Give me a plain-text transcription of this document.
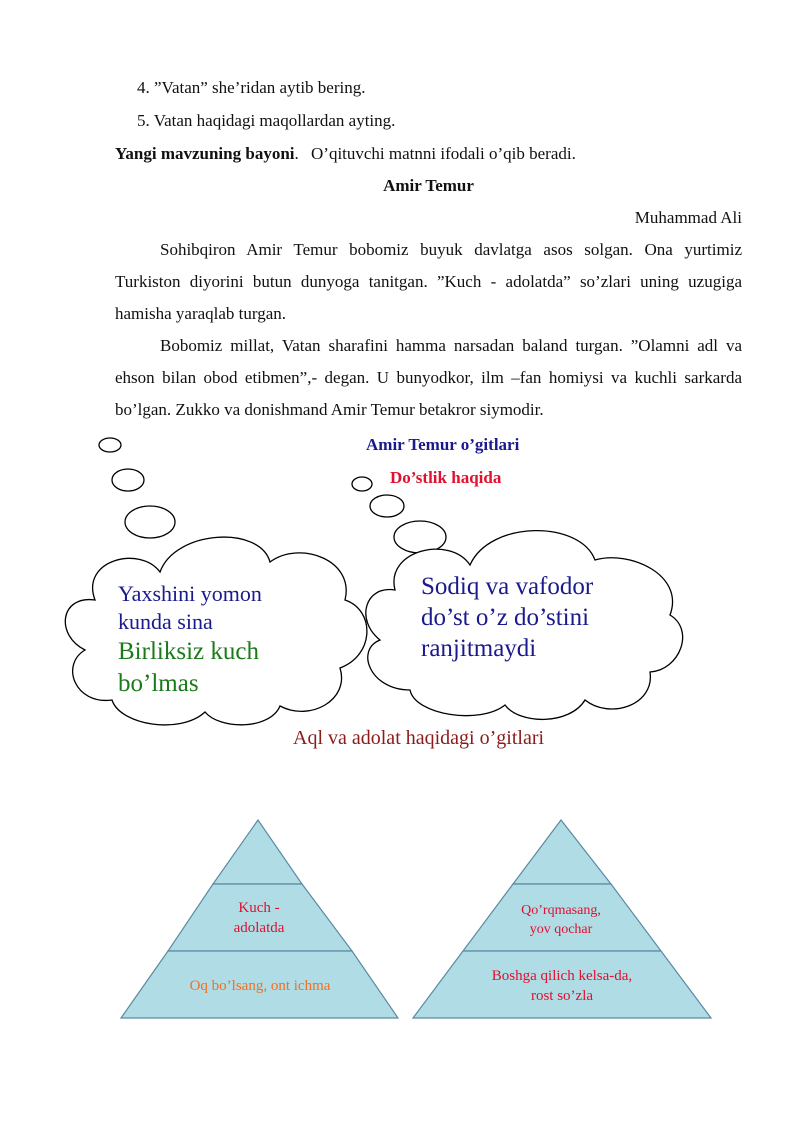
4. ”Vatan” she’ridan aytib bering.
5. Vatan haqidagi maqollardan ayting.
Yangi mavzuning bayoni. O’qituvchi matnni ifodali o’qib beradi.
Amir Temur
Muhammad Ali

Sohibqiron Amir Temur bobomiz buyuk davlatga asos solgan. Ona yurtimiz Turkiston diyorini butun dunyoga tanitgan. ”Kuch - adolatda” so’zlari uning uzugiga hamisha yaraqlab turgan.

Bobomiz millat, Vatan sharafini hamma narsadan baland turgan. ”Olamni adl va ehson bilan obod etibmen”,- degan. U bunyodkor, ilm –fan homiysi va kuchli sarkarda bo’lgan. Zukko va donishmand Amir Temur betakror siymodir.

Amir Temur o’gitlari
Do’stlik haqida
Yaxshini yomon
kunda sina
Birliksiz kuch
bo’lmas
Sodiq va vafodor
do’st o’z do’stini
ranjitmaydi
Aql va adolat haqidagi o’gitlari
Kuch -
adolatda
Oq bo’lsang, ont ichma
Qo’rqmasang,
yov qochar
Boshga qilich kelsa-da,
rost so’zla
